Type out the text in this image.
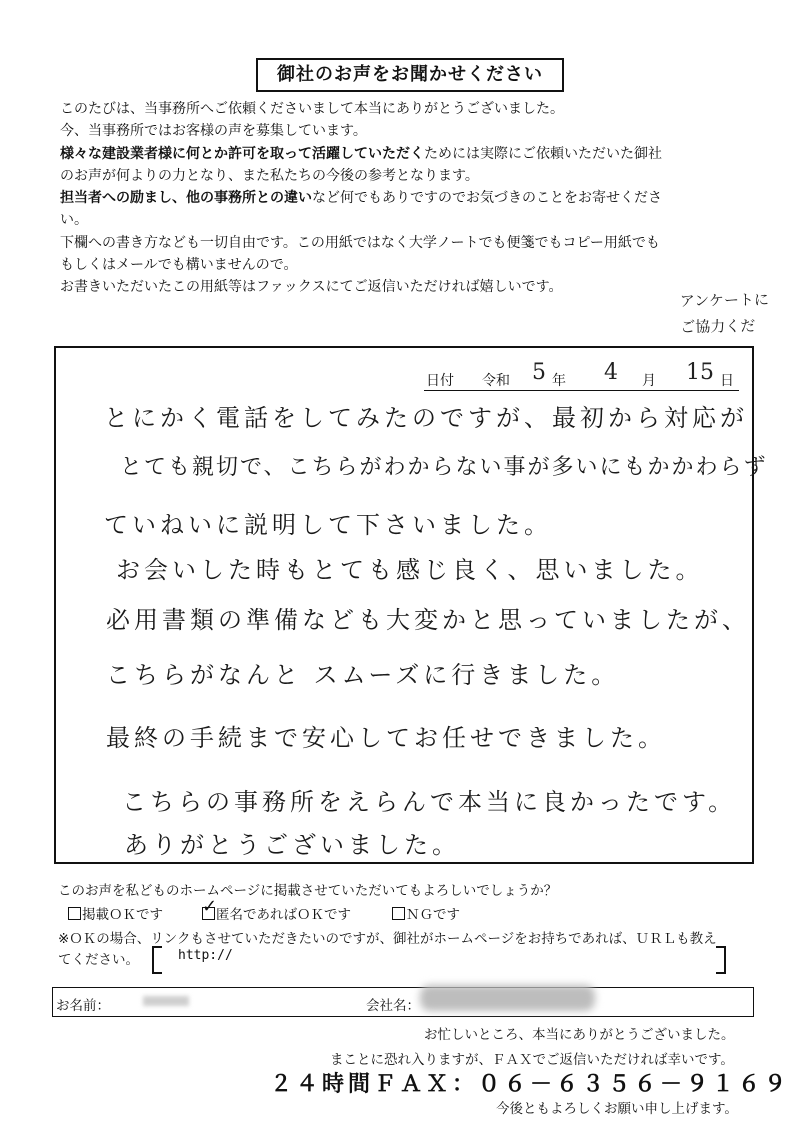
御社のお声をお聞かせください

このたびは、当事務所へご依頼くださいまして本当にありがとうございました。

今、当事務所ではお客様の声を募集しています。

様々な建設業者様に何とか許可を取って活躍していただくためには実際にご依頼いただいた御社

のお声が何よりの力となり、また私たちの今後の参考となります。

担当者への励まし、他の事務所との違いなど何でもありですのでお気づきのことをお寄せくださ

い。

下欄への書き方なども一切自由です。この用紙ではなく大学ノートでも便箋でもコピー用紙でも

もしくはメールでも構いませんので。

お書きいただいたこの用紙等はファックスにてご返信いただければ嬉しいです。

アンケートに
ご協力くだ
日付 令和 5 年 4 月 15 日
とにかく電話をしてみたのですが、最初から対応が
とても親切で、こちらがわからない事が多いにもかかわらず
ていねいに説明して下さいました。
お会いした時もとても感じ良く、思いました。
必用書類の準備なども大変かと思っていましたが、
こちらがなんと スムーズに行きました。
最終の手続まで安心してお任せできました。
こちらの事務所をえらんで本当に良かったです。
ありがとうございました。
このお声を私どものホームページに掲載させていただいてもよろしいでしょうか？
掲載ＯＫです ✓
匿名であればＯＫです	ＮＧです
※ＯＫの場合、リンクもさせていただきたいのですが、御社がホームページをお持ちであれば、ＵＲＬも教え
てください。	http://
お名前：	会社名：
お忙しいところ、本当にありがとうございました。
まことに恐れ入りますが、ＦＡＸでご返信いただければ幸いです。
２４時間ＦＡＸ：０６－６３５６－９１６９
今後ともよろしくお願い申し上げます。
